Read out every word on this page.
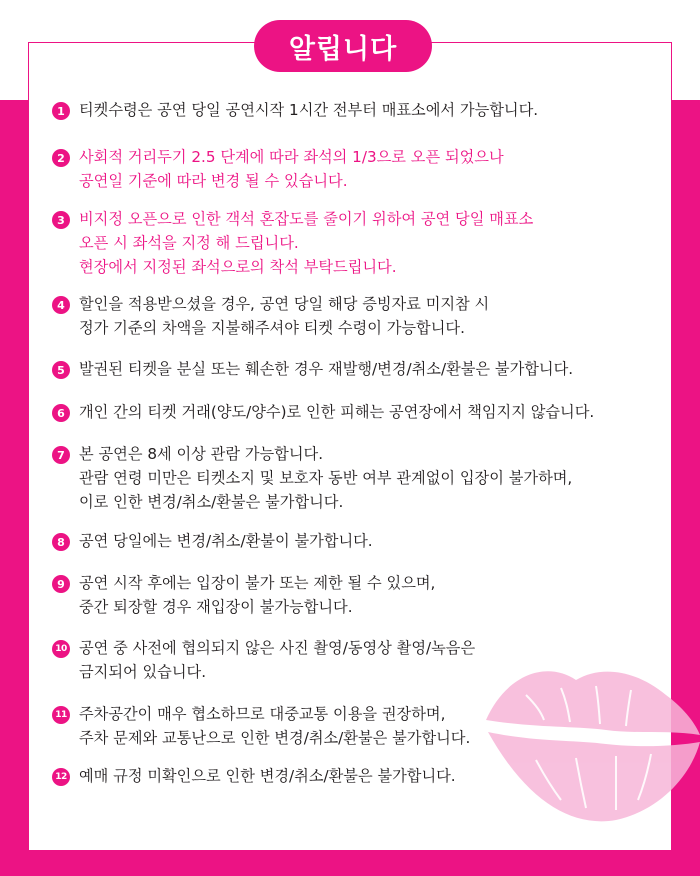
알립니다
1 티켓수령은 공연 당일 공연시작 1시간 전부터 매표소에서 가능합니다.
2 사회적 거리두기 2.5 단계에 따라 좌석의 1/3으로 오픈 되었으나
공연일 기준에 따라 변경 될 수 있습니다.
3 비지정 오픈으로 인한 객석 혼잡도를 줄이기 위하여 공연 당일 매표소
오픈 시 좌석을 지정 해 드립니다.
현장에서 지정된 좌석으로의 착석 부탁드립니다.
4 할인을 적용받으셨을 경우, 공연 당일 해당 증빙자료 미지참 시
정가 기준의 차액을 지불해주셔야 티켓 수령이 가능합니다.
5 발권된 티켓을 분실 또는 훼손한 경우 재발행/변경/취소/환불은 불가합니다.
6 개인 간의 티켓 거래(양도/양수)로 인한 피해는 공연장에서 책임지지 않습니다.
7 본 공연은 8세 이상 관람 가능합니다.
관람 연령 미만은 티켓소지 및 보호자 동반 여부 관계없이 입장이 불가하며,
이로 인한 변경/취소/환불은 불가합니다.
8 공연 당일에는 변경/취소/환불이 불가합니다.
9 공연 시작 후에는 입장이 불가 또는 제한 될 수 있으며,
중간 퇴장할 경우 재입장이 불가능합니다.
10 공연 중 사전에 협의되지 않은 사진 촬영/동영상 촬영/녹음은
금지되어 있습니다.
11 주차공간이 매우 협소하므로 대중교통 이용을 권장하며,
주차 문제와 교통난으로 인한 변경/취소/환불은 불가합니다.
12 예매 규정 미확인으로 인한 변경/취소/환불은 불가합니다.
